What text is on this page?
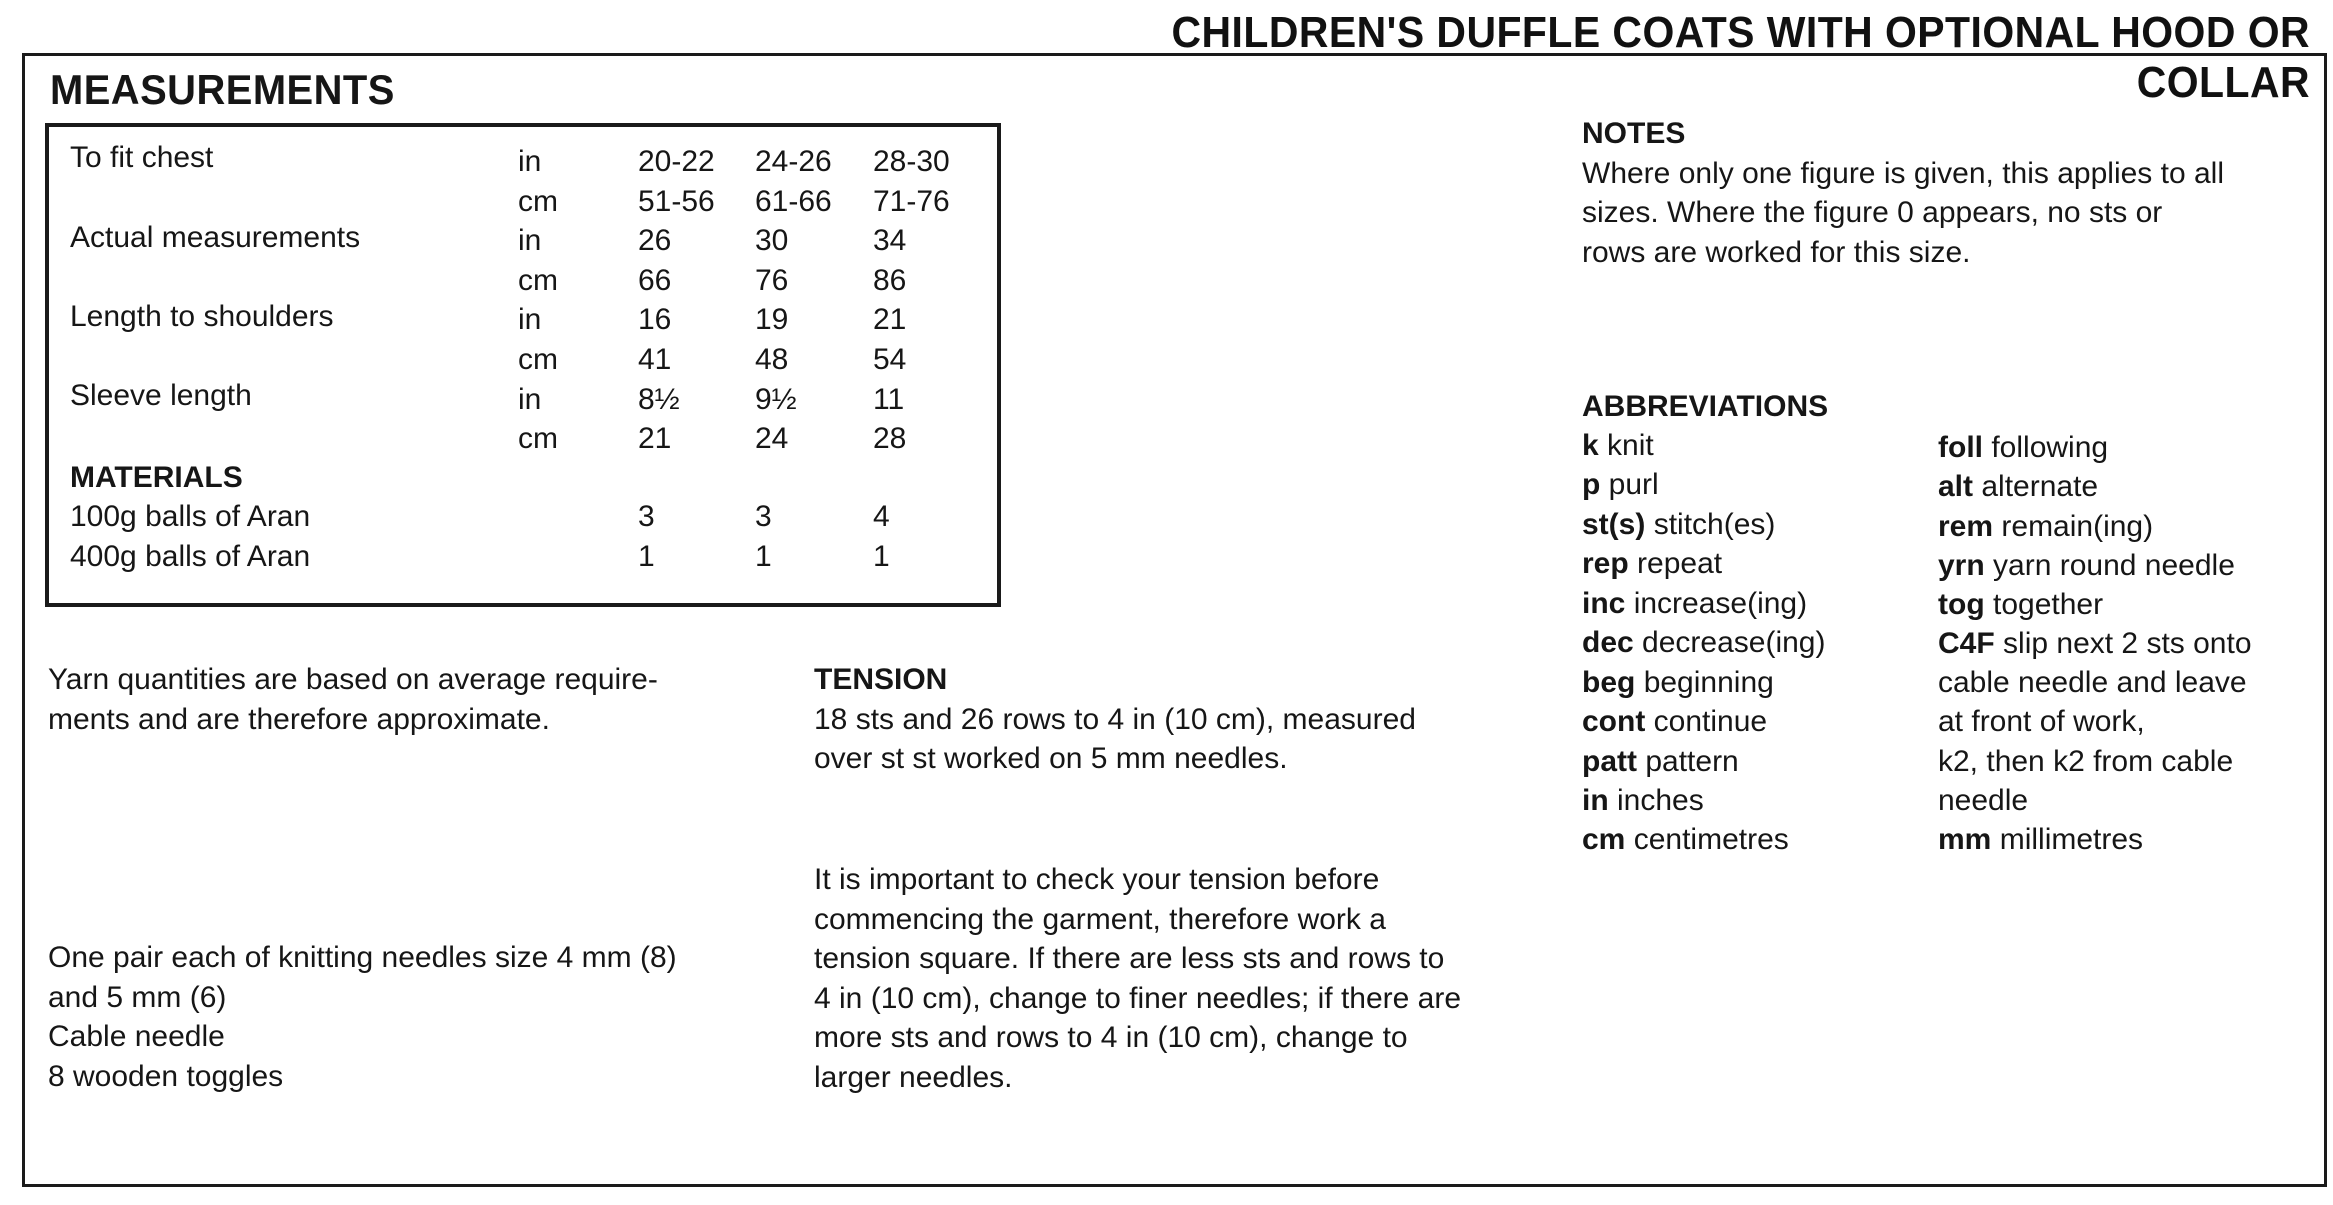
CHILDREN'S DUFFLE COATS WITH OPTIONAL HOOD OR COLLAR
MEASUREMENTS
To fit chest	in	20-22 24-26 28-30
cm	51-56 61-66 71-76
Actual measurements	in	26	30	34
cm	66	76	86
Length to shoulders	in	16	19	21
cm	41	48	54
Sleeve length	in	8½	9½	11
cm	21	24	28
MATERIALS
100g balls of Aran	3	3	4
400g balls of Aran	1	1	1
Yarn quantities are based on average require-
ments and are therefore approximate.
One pair each of knitting needles size 4 mm (8)
and 5 mm (6)
Cable needle
8 wooden toggles
TENSION
18 sts and 26 rows to 4 in (10 cm), measured
over st st worked on 5 mm needles.
It is important to check your tension before
commencing the garment, therefore work a
tension square. If there are less sts and rows to
4 in (10 cm), change to finer needles; if there are
more sts and rows to 4 in (10 cm), change to
larger needles.
NOTES
Where only one figure is given, this applies to all
sizes. Where the figure 0 appears, no sts or
rows are worked for this size.
ABBREVIATIONS
k knit
p purl
st(s) stitch(es)
rep repeat
inc increase(ing)
dec decrease(ing)
beg beginning
cont continue
patt pattern
in inches
cm centimetres
foll following
alt alternate
rem remain(ing)
yrn yarn round needle
tog together
C4F slip next 2 sts onto
cable needle and leave
at front of work,
k2, then k2 from cable
needle
mm millimetres
